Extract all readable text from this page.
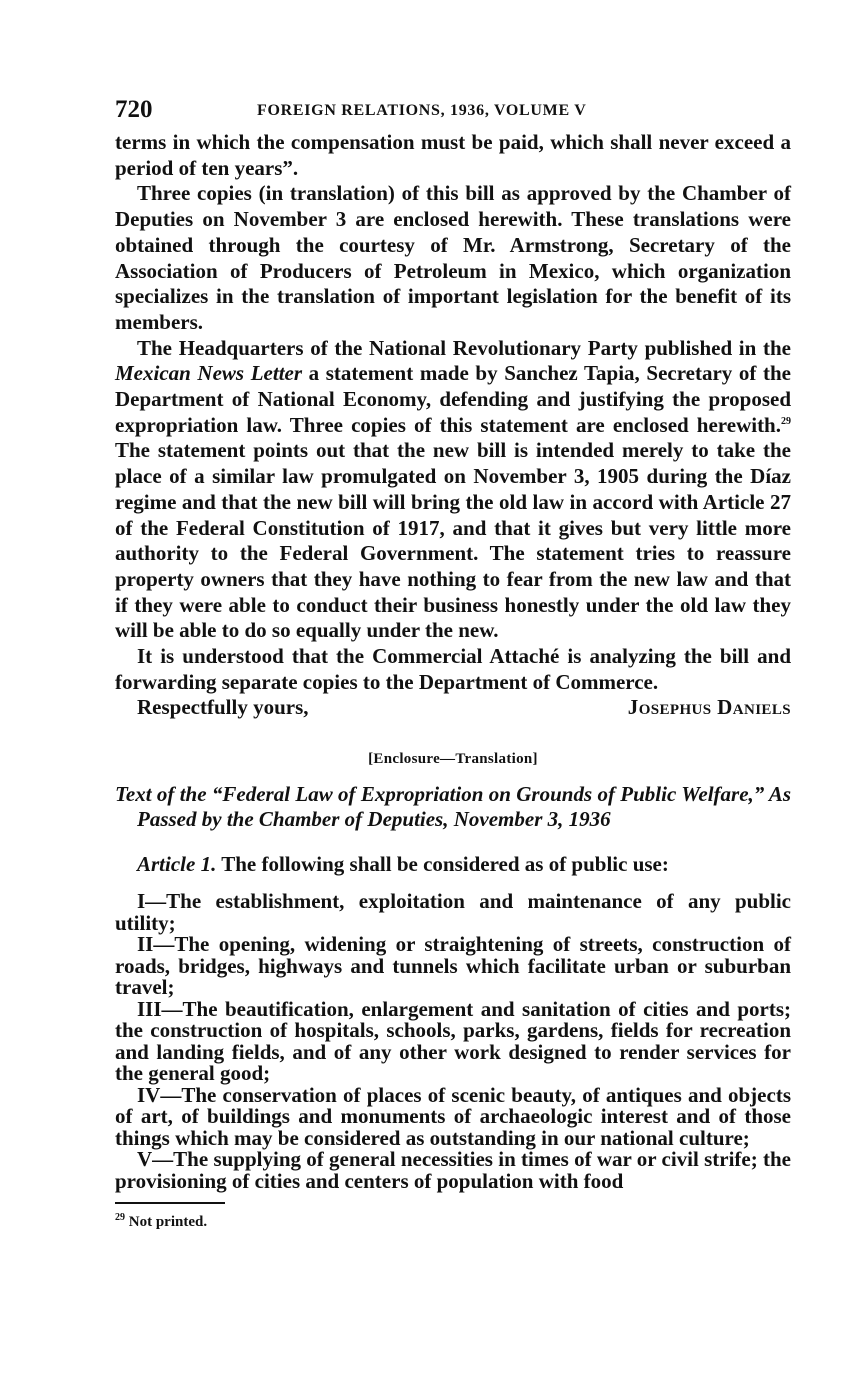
720	FOREIGN RELATIONS, 1936, VOLUME V

terms in which the compensation must be paid, which shall never exceed a period of ten years”.

Three copies (in translation) of this bill as approved by the Chamber of Deputies on November 3 are enclosed herewith. These translations were obtained through the courtesy of Mr. Armstrong, Secretary of the Association of Producers of Petroleum in Mexico, which organization specializes in the translation of important legislation for the benefit of its members.

The Headquarters of the National Revolutionary Party published in the Mexican News Letter a statement made by Sanchez Tapia, Secretary of the Department of National Economy, defending and justifying the proposed expropriation law. Three copies of this statement are enclosed herewith.$^{29}$ The statement points out that the new bill is intended merely to take the place of a similar law promulgated on November 3, 1905 during the Díaz regime and that the new bill will bring the old law in accord with Article 27 of the Federal Constitution of 1917, and that it gives but very little more authority to the Federal Government. The statement tries to reassure property owners that they have nothing to fear from the new law and that if they were able to conduct their business honestly under the old law they will be able to do so equally under the new.

It is understood that the Commercial Attaché is analyzing the bill and forwarding separate copies to the Department of Commerce.

Respectfully yours,	Josephus Daniels
[Enclosure—Translation]
Text of the “Federal Law of Expropriation on Grounds of Public Welfare,” As Passed by the Chamber of Deputies, November 3, 1936
Article 1. The following shall be considered as of public use:

I—The establishment, exploitation and maintenance of any public utility;

II—The opening, widening or straightening of streets, construction of roads, bridges, highways and tunnels which facilitate urban or suburban travel;

III—The beautification, enlargement and sanitation of cities and ports; the construction of hospitals, schools, parks, gardens, fields for recreation and landing fields, and of any other work designed to render services for the general good;

IV—The conservation of places of scenic beauty, of antiques and objects of art, of buildings and monuments of archaeologic interest and of those things which may be considered as outstanding in our national culture;

V—The supplying of general necessities in times of war or civil strife; the provisioning of cities and centers of population with food

$^{29}$ Not printed.
